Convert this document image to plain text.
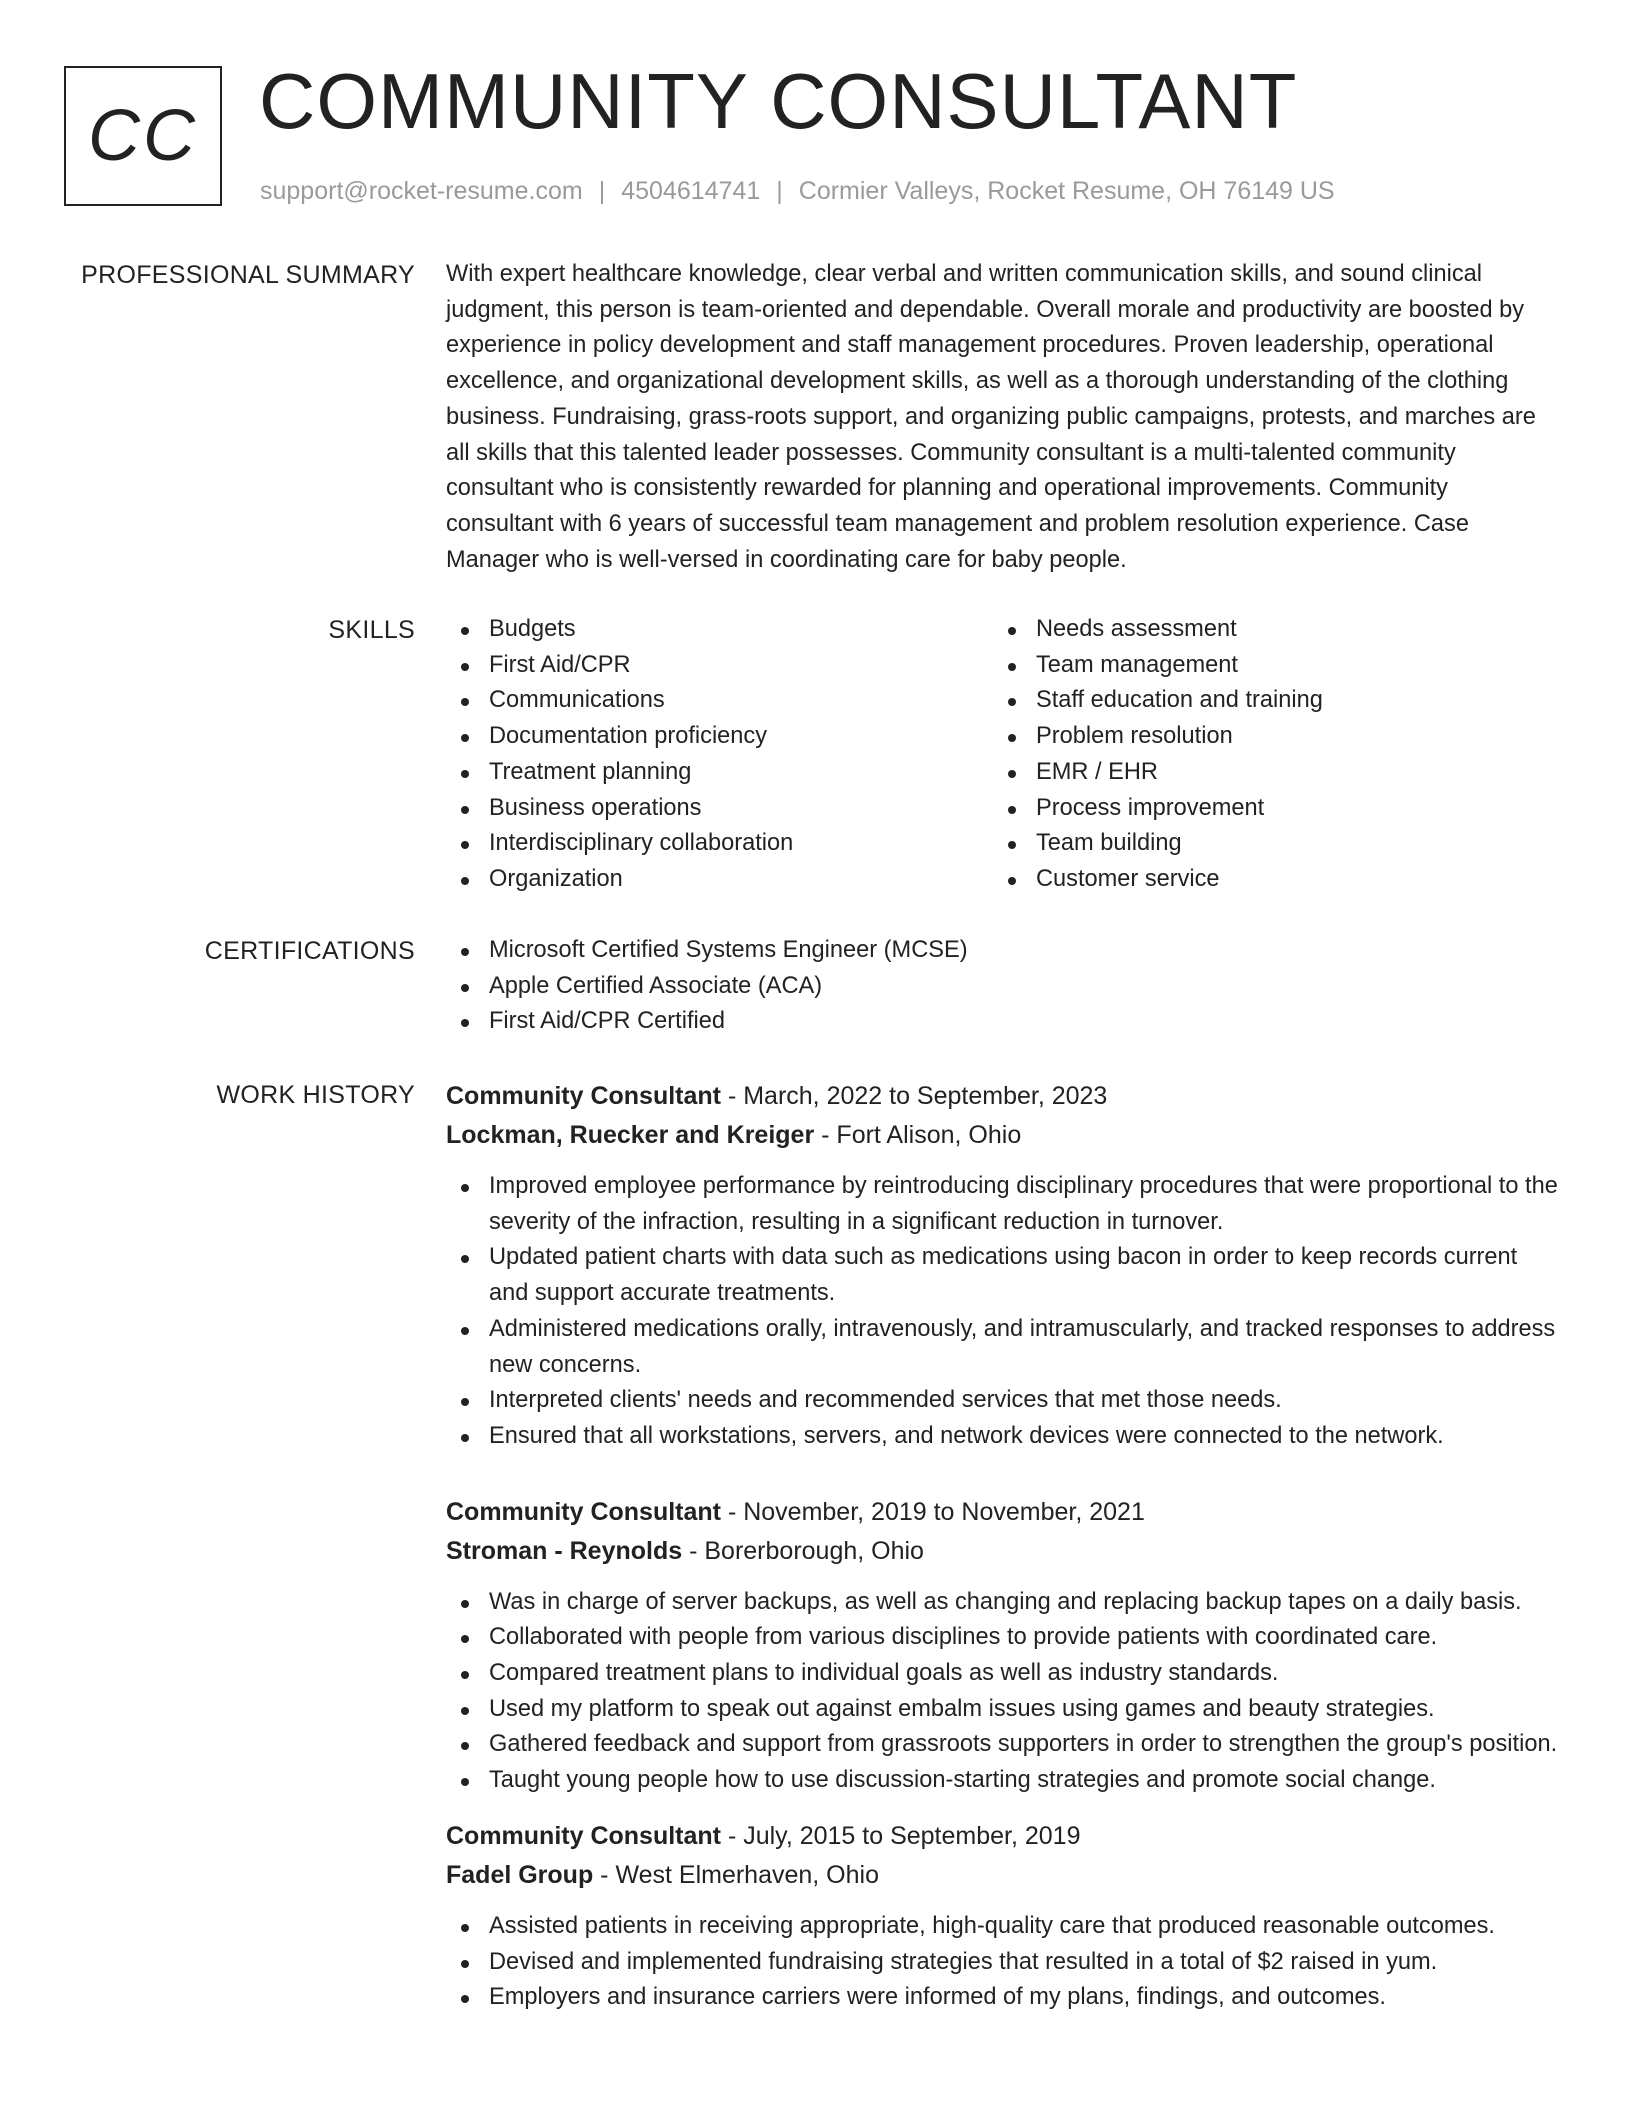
CC COMMUNITY CONSULTANT
support@rocket-resume.com | 4504614741 | Cormier Valleys, Rocket Resume, OH 76149 US
PROFESSIONAL SUMMARY With expert healthcare knowledge, clear verbal and written communication skills, and sound clinical judgment, this person is team-oriented and dependable. Overall morale and productivity are boosted by experience in policy development and staff management procedures. Proven leadership, operational excellence, and organizational development skills, as well as a thorough understanding of the clothing business. Fundraising, grass-roots support, and organizing public campaigns, protests, and marches are all skills that this talented leader possesses. Community consultant is a multi-talented community consultant who is consistently rewarded for planning and operational improvements. Community consultant with 6 years of successful team management and problem resolution experience. Case Manager who is well-versed in coordinating care for baby people.

SKILLS	Budgets
First Aid/CPR
Communications
Documentation proficiency
Treatment planning
Business operations
Interdisciplinary collaboration
Organization
Needs assessment
Team management
Staff education and training
Problem resolution
EMR / EHR
Process improvement
Team building
Customer service
CERTIFICATIONS	Microsoft Certified Systems Engineer (MCSE)
Apple Certified Associate (ACA)
First Aid/CPR Certified
WORK HISTORY Community Consultant - March, 2022 to September, 2023
Lockman, Ruecker and Kreiger - Fort Alison, Ohio
Improved employee performance by reintroducing disciplinary procedures that were proportional to the severity of the infraction, resulting in a significant reduction in turnover.
Updated patient charts with data such as medications using bacon in order to keep records current and support accurate treatments.
Administered medications orally, intravenously, and intramuscularly, and tracked responses to address new concerns.
Interpreted clients' needs and recommended services that met those needs.
Ensured that all workstations, servers, and network devices were connected to the network.
Community Consultant - November, 2019 to November, 2021
Stroman - Reynolds - Borerborough, Ohio
Was in charge of server backups, as well as changing and replacing backup tapes on a daily basis.
Collaborated with people from various disciplines to provide patients with coordinated care.
Compared treatment plans to individual goals as well as industry standards.
Used my platform to speak out against embalm issues using games and beauty strategies.
Gathered feedback and support from grassroots supporters in order to strengthen the group's position.
Taught young people how to use discussion-starting strategies and promote social change.
Community Consultant - July, 2015 to September, 2019
Fadel Group - West Elmerhaven, Ohio
Assisted patients in receiving appropriate, high-quality care that produced reasonable outcomes.
Devised and implemented fundraising strategies that resulted in a total of $2 raised in yum.
Employers and insurance carriers were informed of my plans, findings, and outcomes.
